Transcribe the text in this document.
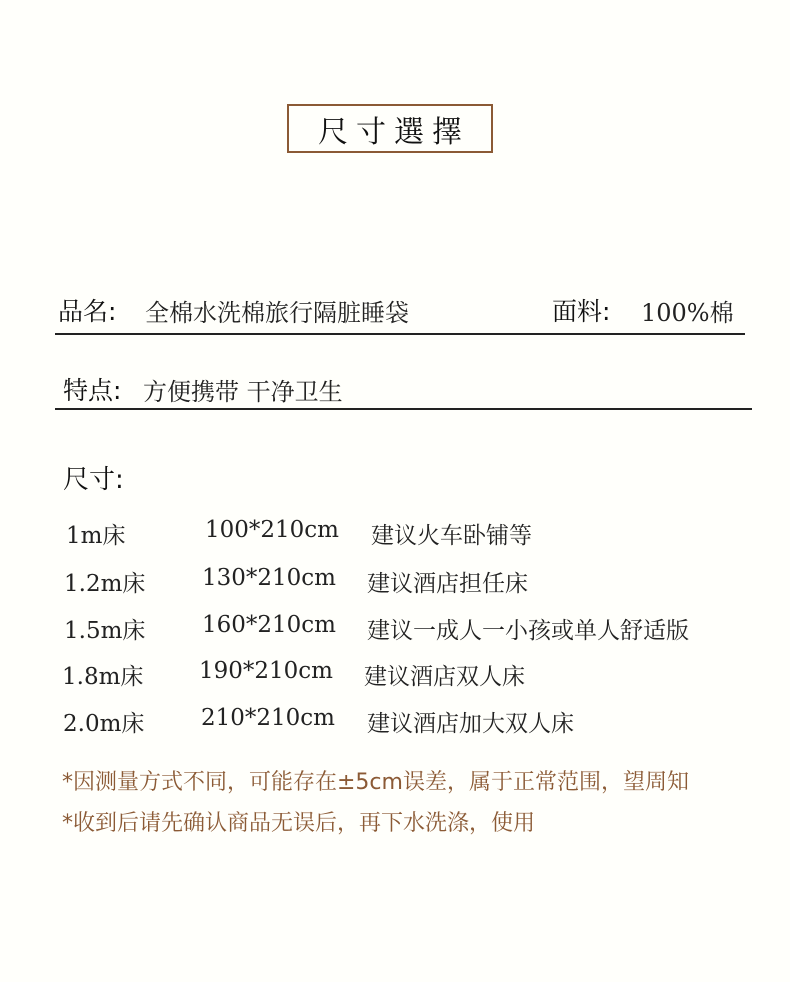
尺寸選擇
品名: 全棉水洗棉旅行隔脏睡袋	面料: 100%棉
特点: 方便携带 干净卫生
尺寸:
1m床	100*210cm 建议火车卧铺等
1.2m床 130*210cm 建议酒店担任床
1.5m床 160*210cm 建议一成人一小孩或单人舒适版
1.8m床 190*210cm 建议酒店双人床
2.0m床 210*210cm 建议酒店加大双人床
*因测量方式不同，可能存在±5cm误差，属于正常范围，望周知
*收到后请先确认商品无误后，再下水洗涤，使用
